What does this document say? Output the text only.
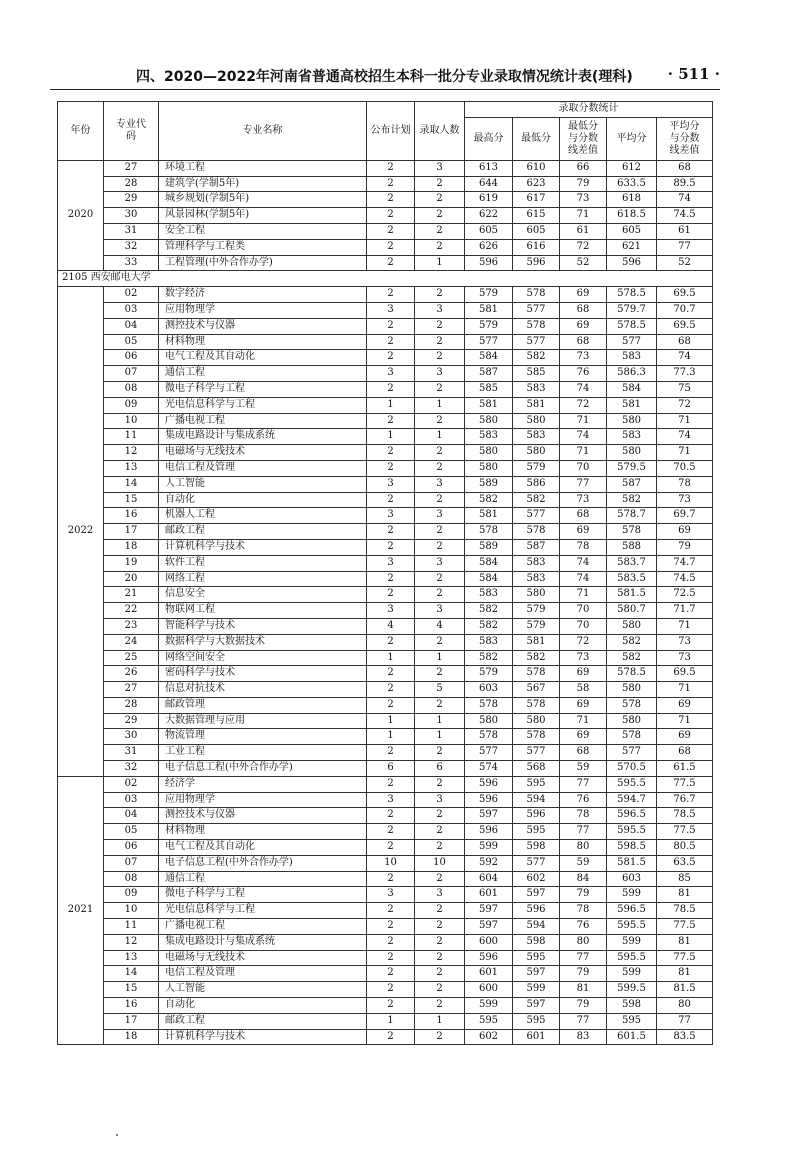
四、2020—2022年河南省普通高校招生本科一批分专业录取情况统计表(理科) · 511 ·
年份	专业代码	专业名称	公布计划	录取人数	录取分数统计				
					最高分	最低分	最低分与分数线差值	平均分	平均分与分数线差值
2020	27	环境工程	2	3	613	610	66	612	68
	28	建筑学(学制5年)	2	2	644	623	79	633.5	89.5
	29	城乡规划(学制5年)	2	2	619	617	73	618	74
	30	风景园林(学制5年)	2	2	622	615	71	618.5	74.5
	31	安全工程	2	2	605	605	61	605	61
	32	管理科学与工程类	2	2	626	616	72	621	77
	33	工程管理(中外合作办学)	2	1	596	596	52	596	52
2105 西安邮电大学									
2022	02	数字经济	2	2	579	578	69	578.5	69.5
	03	应用物理学	3	3	581	577	68	579.7	70.7
	04	测控技术与仪器	2	2	579	578	69	578.5	69.5
	05	材料物理	2	2	577	577	68	577	68
	06	电气工程及其自动化	2	2	584	582	73	583	74
	07	通信工程	3	3	587	585	76	586.3	77.3
	08	微电子科学与工程	2	2	585	583	74	584	75
	09	光电信息科学与工程	1	1	581	581	72	581	72
	10	广播电视工程	2	2	580	580	71	580	71
	11	集成电路设计与集成系统	1	1	583	583	74	583	74
	12	电磁场与无线技术	2	2	580	580	71	580	71
	13	电信工程及管理	2	2	580	579	70	579.5	70.5
	14	人工智能	3	3	589	586	77	587	78
	15	自动化	2	2	582	582	73	582	73
	16	机器人工程	3	3	581	577	68	578.7	69.7
	17	邮政工程	2	2	578	578	69	578	69
	18	计算机科学与技术	2	2	589	587	78	588	79
	19	软件工程	3	3	584	583	74	583.7	74.7
	20	网络工程	2	2	584	583	74	583.5	74.5
	21	信息安全	2	2	583	580	71	581.5	72.5
	22	物联网工程	3	3	582	579	70	580.7	71.7
	23	智能科学与技术	4	4	582	579	70	580	71
	24	数据科学与大数据技术	2	2	583	581	72	582	73
	25	网络空间安全	1	1	582	582	73	582	73
	26	密码科学与技术	2	2	579	578	69	578.5	69.5
	27	信息对抗技术	2	5	603	567	58	580	71
	28	邮政管理	2	2	578	578	69	578	69
	29	大数据管理与应用	1	1	580	580	71	580	71
	30	物流管理	1	1	578	578	69	578	69
	31	工业工程	2	2	577	577	68	577	68
	32	电子信息工程(中外合作办学)	6	6	574	568	59	570.5	61.5
2021	02	经济学	2	2	596	595	77	595.5	77.5
	03	应用物理学	3	3	596	594	76	594.7	76.7
	04	测控技术与仪器	2	2	597	596	78	596.5	78.5
	05	材料物理	2	2	596	595	77	595.5	77.5
	06	电气工程及其自动化	2	2	599	598	80	598.5	80.5
	07	电子信息工程(中外合作办学)	10	10	592	577	59	581.5	63.5
	08	通信工程	2	2	604	602	84	603	85
	09	微电子科学与工程	3	3	601	597	79	599	81
	10	光电信息科学与工程	2	2	597	596	78	596.5	78.5
	11	广播电视工程	2	2	597	594	76	595.5	77.5
	12	集成电路设计与集成系统	2	2	600	598	80	599	81
	13	电磁场与无线技术	2	2	596	595	77	595.5	77.5
	14	电信工程及管理	2	2	601	597	79	599	81
	15	人工智能	2	2	600	599	81	599.5	81.5
	16	自动化	2	2	599	597	79	598	80
	17	邮政工程	1	1	595	595	77	595	77
	18	计算机科学与技术	2	2	602	601	83	601.5	83.5
